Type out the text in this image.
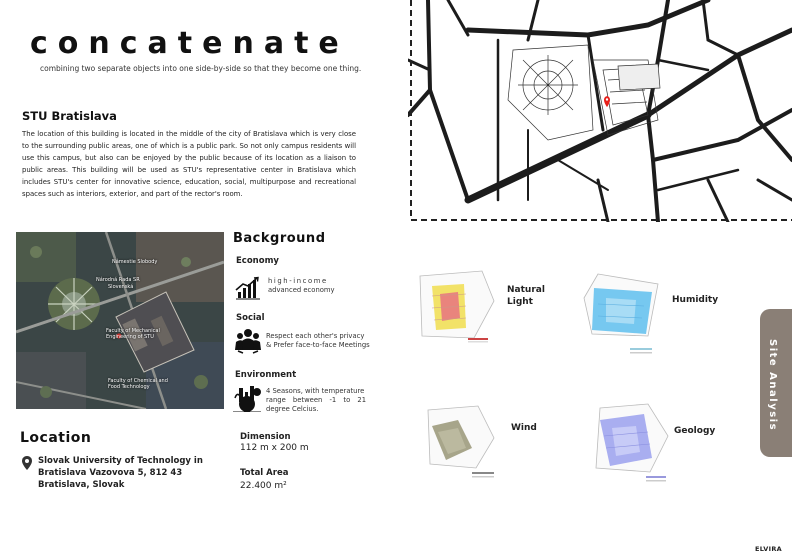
concatenate
combining two separate objects into one side-by-side so that they become one thing.
STU Bratislava
The location of this building is located in the middle of the city of Bratislava which is very close to the surrounding public areas, one of which is a public park. So not only campus residents will use this campus, but also can be enjoyed by the public because of its location as a liaison to public areas. This building will be used as STU's representative center in Bratislava which includes STU's center for innovative science, education, social, multipurpose and recreational spaces such as interiors, exterior, and part of the rector's room.
Námestie Slobody
Národná Rada SR
Slovenská
Faculty of Mechanical Engineering of STU
Faculty of Chemical and Food Technology
Location
Slovak University of Technology in Bratislava Vazovova 5, 812 43 Bratislava, Slovak
Background
Economy
high-income
advanced economy
Social
Respect each other's privacy
& Prefer face-to-face Meetings
Environment
4 Seasons, with temperature
range between -1 to 21
degree Celcius.
Dimension
112 m x 200 m
Total Area
22.400 m²
Natural
Light	Humidity
Wind	Geology	Site Analysis
ELVIRA
